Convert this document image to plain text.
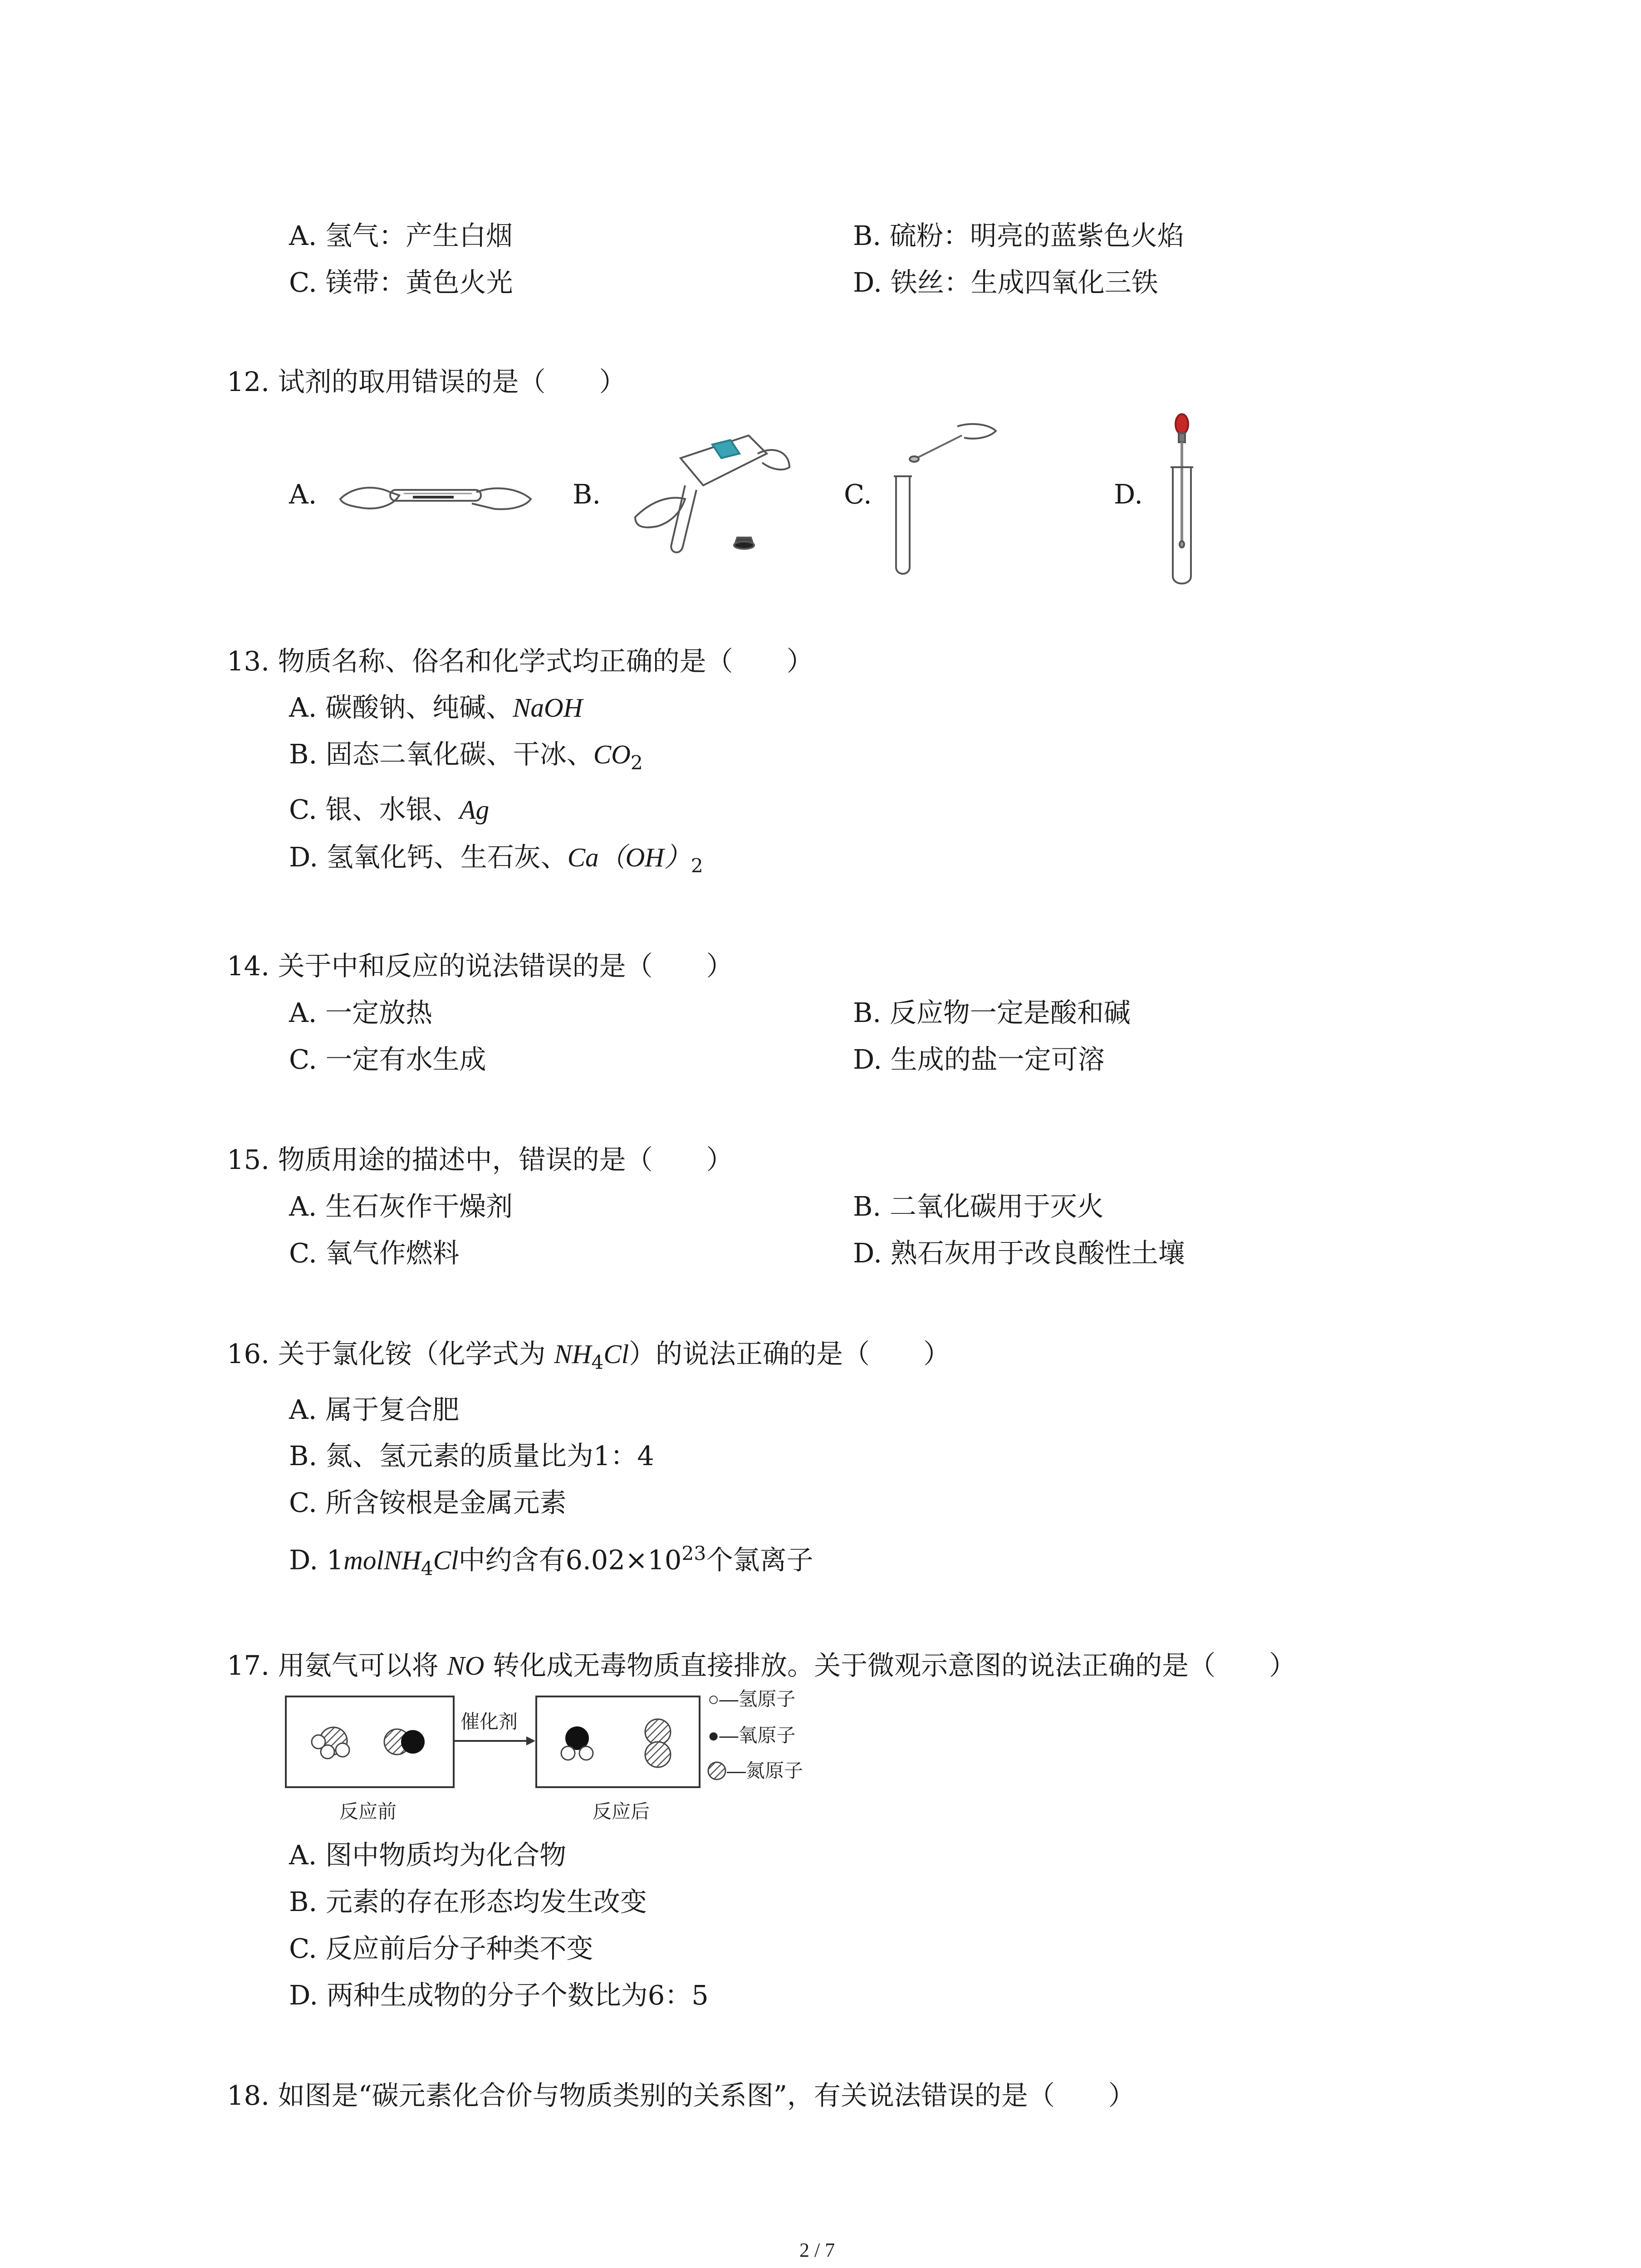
A. 氢气：产生白烟	B. 硫粉：明亮的蓝紫色火焰
C. 镁带：黄色火光	D. 铁丝：生成四氧化三铁
12. 试剂的取用错误的是（　　）
A.	B.	C.	D.
13. 物质名称、俗名和化学式均正确的是（　　）
A. 碳酸钠、纯碱、NaOH
B. 固态二氧化碳、干冰、$CO_2$
C. 银、水银、Ag
D. 氢氧化钙、生石灰、$Ca(OH)_2$
14. 关于中和反应的说法错误的是（　　）
A. 一定放热	B. 反应物一定是酸和碱
C. 一定有水生成	D. 生成的盐一定可溶
15. 物质用途的描述中，错误的是（　　）
A. 生石灰作干燥剂	B. 二氧化碳用于灭火
C. 氧气作燃料	D. 熟石灰用于改良酸性土壤
16. 关于氯化铵（化学式为 $NH_4Cl$）的说法正确的是（　　）
A. 属于复合肥
B. 氮、氢元素的质量比为1：4
C. 所含铵根是金属元素
D. 1molNH$_4$Cl中约含有$6.02\times 10^{23}$个氯离子
17. 用氨气可以将 NO 转化成无毒物质直接排放。关于微观示意图的说法正确的是（　　）
催化剂
反应前	反应后
○—氢原子
●—氧原子
—氮原子
A. 图中物质均为化合物
B. 元素的存在形态均发生改变
C. 反应前后分子种类不变
D. 两种生成物的分子个数比为6：5
18. 如图是“碳元素化合价与物质类别的关系图”，有关说法错误的是（　　）
2 / 7
